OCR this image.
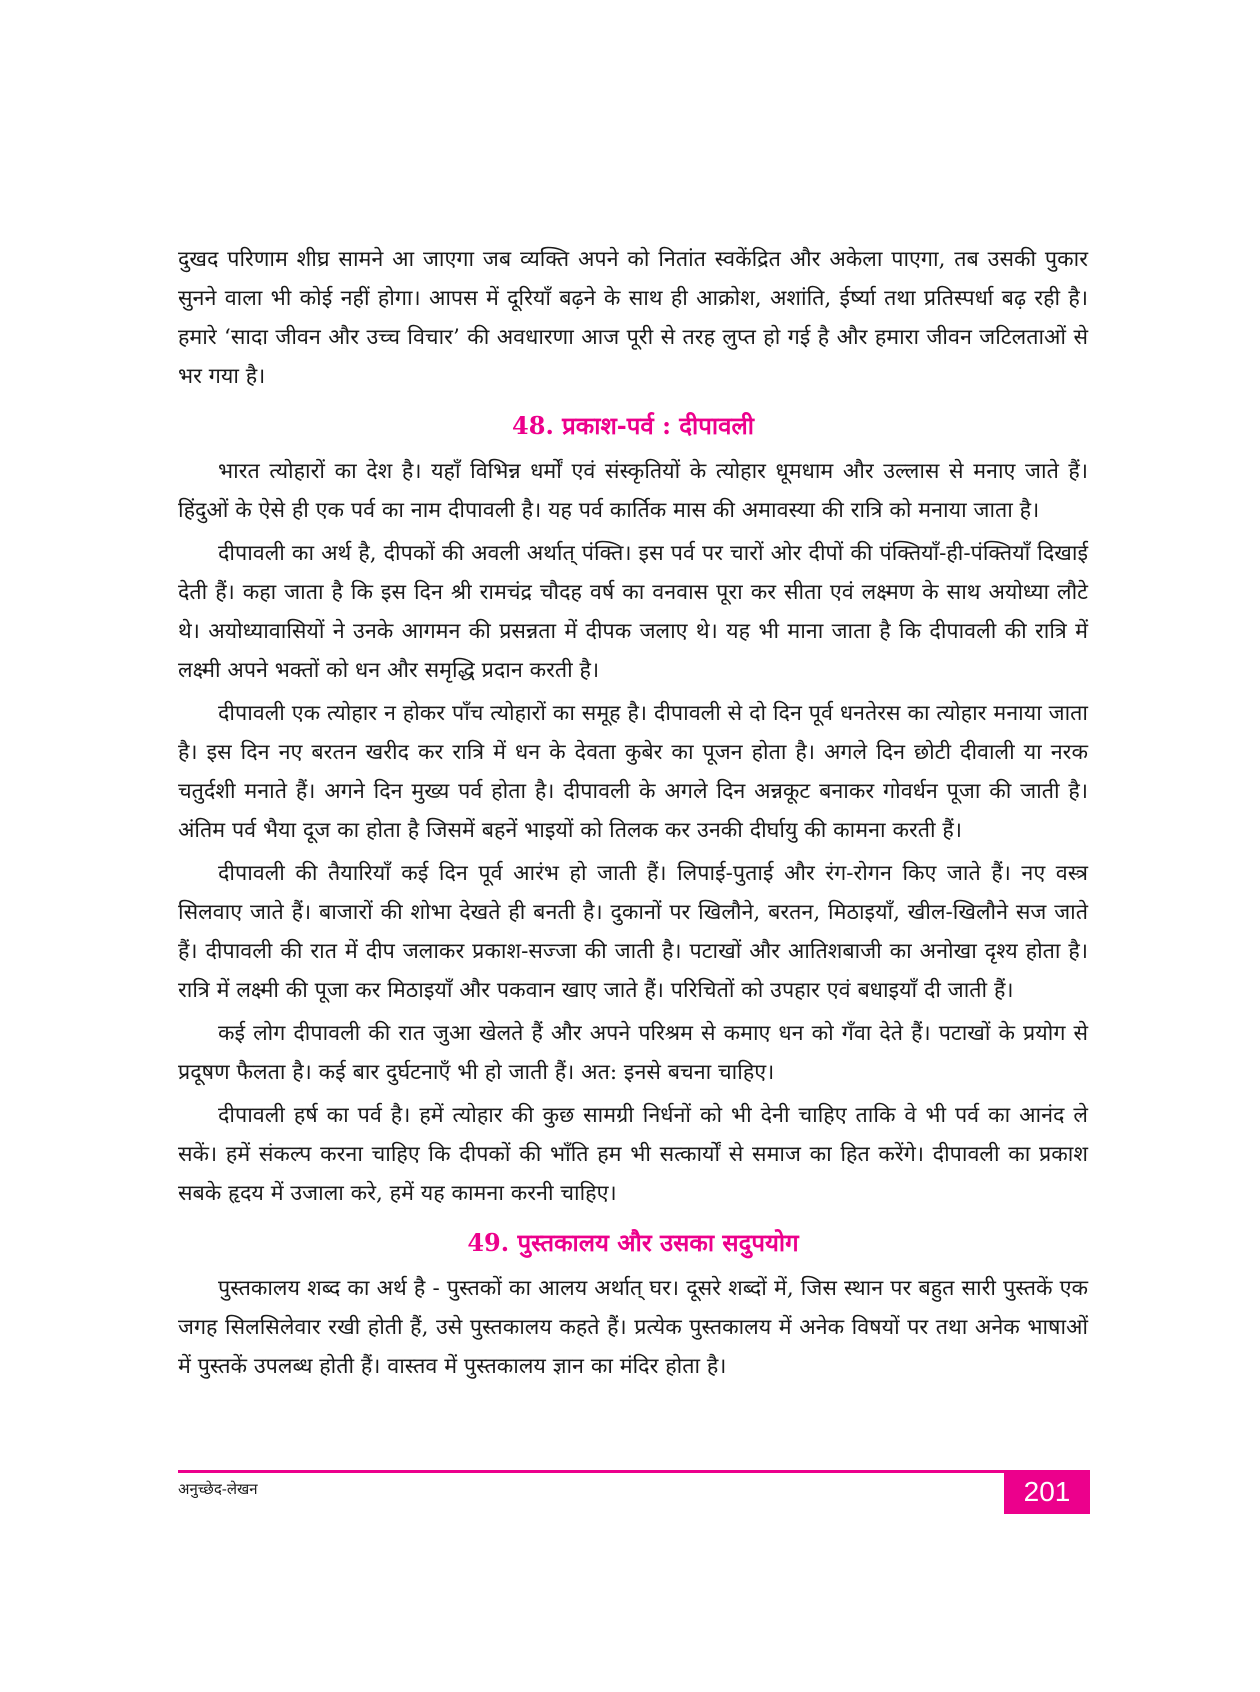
दुखद परिणाम शीघ्र सामने आ जाएगा जब व्यक्ति अपने को नितांत स्वकेंद्रित और अकेला पाएगा, तब उसकी पुकार सुनने वाला भी कोई नहीं होगा। आपस में दूरियाँ बढ़ने के साथ ही आक्रोश, अशांति, ईर्ष्या तथा प्रतिस्पर्धा बढ़ रही है। हमारे ‘सादा जीवन और उच्च विचार’ की अवधारणा आज पूरी से तरह लुप्त हो गई है और हमारा जीवन जटिलताओं से भर गया है।

48. प्रकाश-पर्व : दीपावली

भारत त्योहारों का देश है। यहाँ विभिन्न धर्मों एवं संस्कृतियों के त्योहार धूमधाम और उल्लास से मनाए जाते हैं। हिंदुओं के ऐसे ही एक पर्व का नाम दीपावली है। यह पर्व कार्तिक मास की अमावस्या की रात्रि को मनाया जाता है।

दीपावली का अर्थ है, दीपकों की अवली अर्थात् पंक्ति। इस पर्व पर चारों ओर दीपों की पंक्तियाँ-ही-पंक्तियाँ दिखाई देती हैं। कहा जाता है कि इस दिन श्री रामचंद्र चौदह वर्ष का वनवास पूरा कर सीता एवं लक्ष्मण के साथ अयोध्या लौटे थे। अयोध्यावासियों ने उनके आगमन की प्रसन्नता में दीपक जलाए थे। यह भी माना जाता है कि दीपावली की रात्रि में लक्ष्मी अपने भक्तों को धन और समृद्धि प्रदान करती है।

दीपावली एक त्योहार न होकर पाँच त्योहारों का समूह है। दीपावली से दो दिन पूर्व धनतेरस का त्योहार मनाया जाता है। इस दिन नए बरतन खरीद कर रात्रि में धन के देवता कुबेर का पूजन होता है। अगले दिन छोटी दीवाली या नरक चतुर्दशी मनाते हैं। अगने दिन मुख्य पर्व होता है। दीपावली के अगले दिन अन्नकूट बनाकर गोवर्धन पूजा की जाती है। अंतिम पर्व भैया दूज का होता है जिसमें बहनें भाइयों को तिलक कर उनकी दीर्घायु की कामना करती हैं।

दीपावली की तैयारियाँ कई दिन पूर्व आरंभ हो जाती हैं। लिपाई-पुताई और रंग-रोगन किए जाते हैं। नए वस्त्र सिलवाए जाते हैं। बाजारों की शोभा देखते ही बनती है। दुकानों पर खिलौने, बरतन, मिठाइयाँ, खील-खिलौने सज जाते हैं। दीपावली की रात में दीप जलाकर प्रकाश-सज्जा की जाती है। पटाखों और आतिशबाजी का अनोखा दृश्य होता है। रात्रि में लक्ष्मी की पूजा कर मिठाइयाँ और पकवान खाए जाते हैं। परिचितों को उपहार एवं बधाइयाँ दी जाती हैं।

कई लोग दीपावली की रात जुआ खेलते हैं और अपने परिश्रम से कमाए धन को गँवा देते हैं। पटाखों के प्रयोग से प्रदूषण फैलता है। कई बार दुर्घटनाएँ भी हो जाती हैं। अत: इनसे बचना चाहिए।

दीपावली हर्ष का पर्व है। हमें त्योहार की कुछ सामग्री निर्धनों को भी देनी चाहिए ताकि वे भी पर्व का आनंद ले सकें। हमें संकल्प करना चाहिए कि दीपकों की भाँति हम भी सत्कार्यों से समाज का हित करेंगे। दीपावली का प्रकाश सबके हृदय में उजाला करे, हमें यह कामना करनी चाहिए।

49. पुस्तकालय और उसका सदुपयोग

पुस्तकालय शब्द का अर्थ है - पुस्तकों का आलय अर्थात् घर। दूसरे शब्दों में, जिस स्थान पर बहुत सारी पुस्तकें एक जगह सिलसिलेवार रखी होती हैं, उसे पुस्तकालय कहते हैं। प्रत्येक पुस्तकालय में अनेक विषयों पर तथा अनेक भाषाओं में पुस्तकें उपलब्ध होती हैं। वास्तव में पुस्तकालय ज्ञान का मंदिर होता है।

अनुच्छेद-लेखन	201
